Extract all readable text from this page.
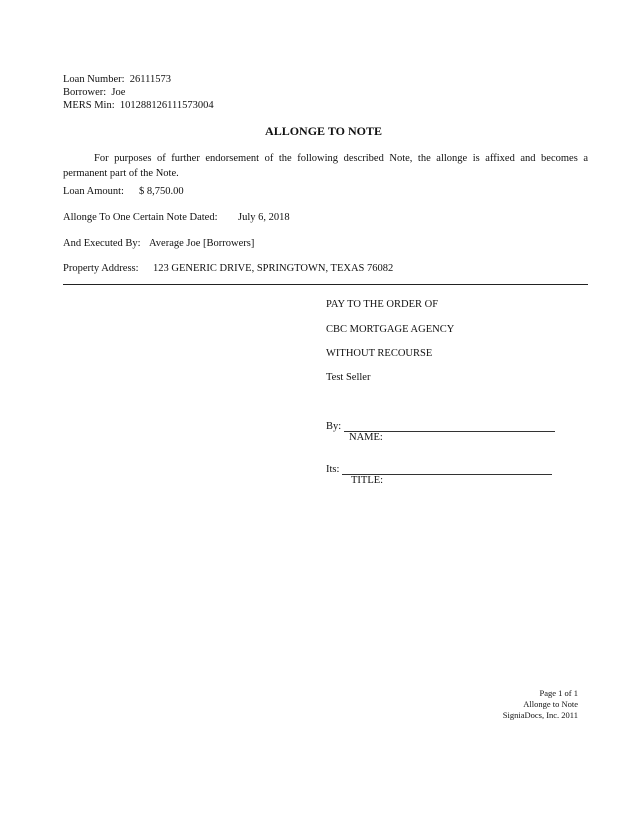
Loan Number: 26111573
Borrower: Joe
MERS Min: 101288126111573004
ALLONGE TO NOTE
For purposes of further endorsement of the following described Note, the allonge is affixed and becomes a permanent part of the Note.
Loan Amount: $ 8,750.00
Allonge To One Certain Note Dated: July 6, 2018
And Executed By: Average Joe [Borrowers]
Property Address: 123 GENERIC DRIVE, SPRINGTOWN, TEXAS 76082
PAY TO THE ORDER OF
CBC MORTGAGE AGENCY
WITHOUT RECOURSE
Test Seller
By:
NAME:
Its:
TITLE:
Page 1 of 1
Allonge to Note
SigniaDocs, Inc. 2011
